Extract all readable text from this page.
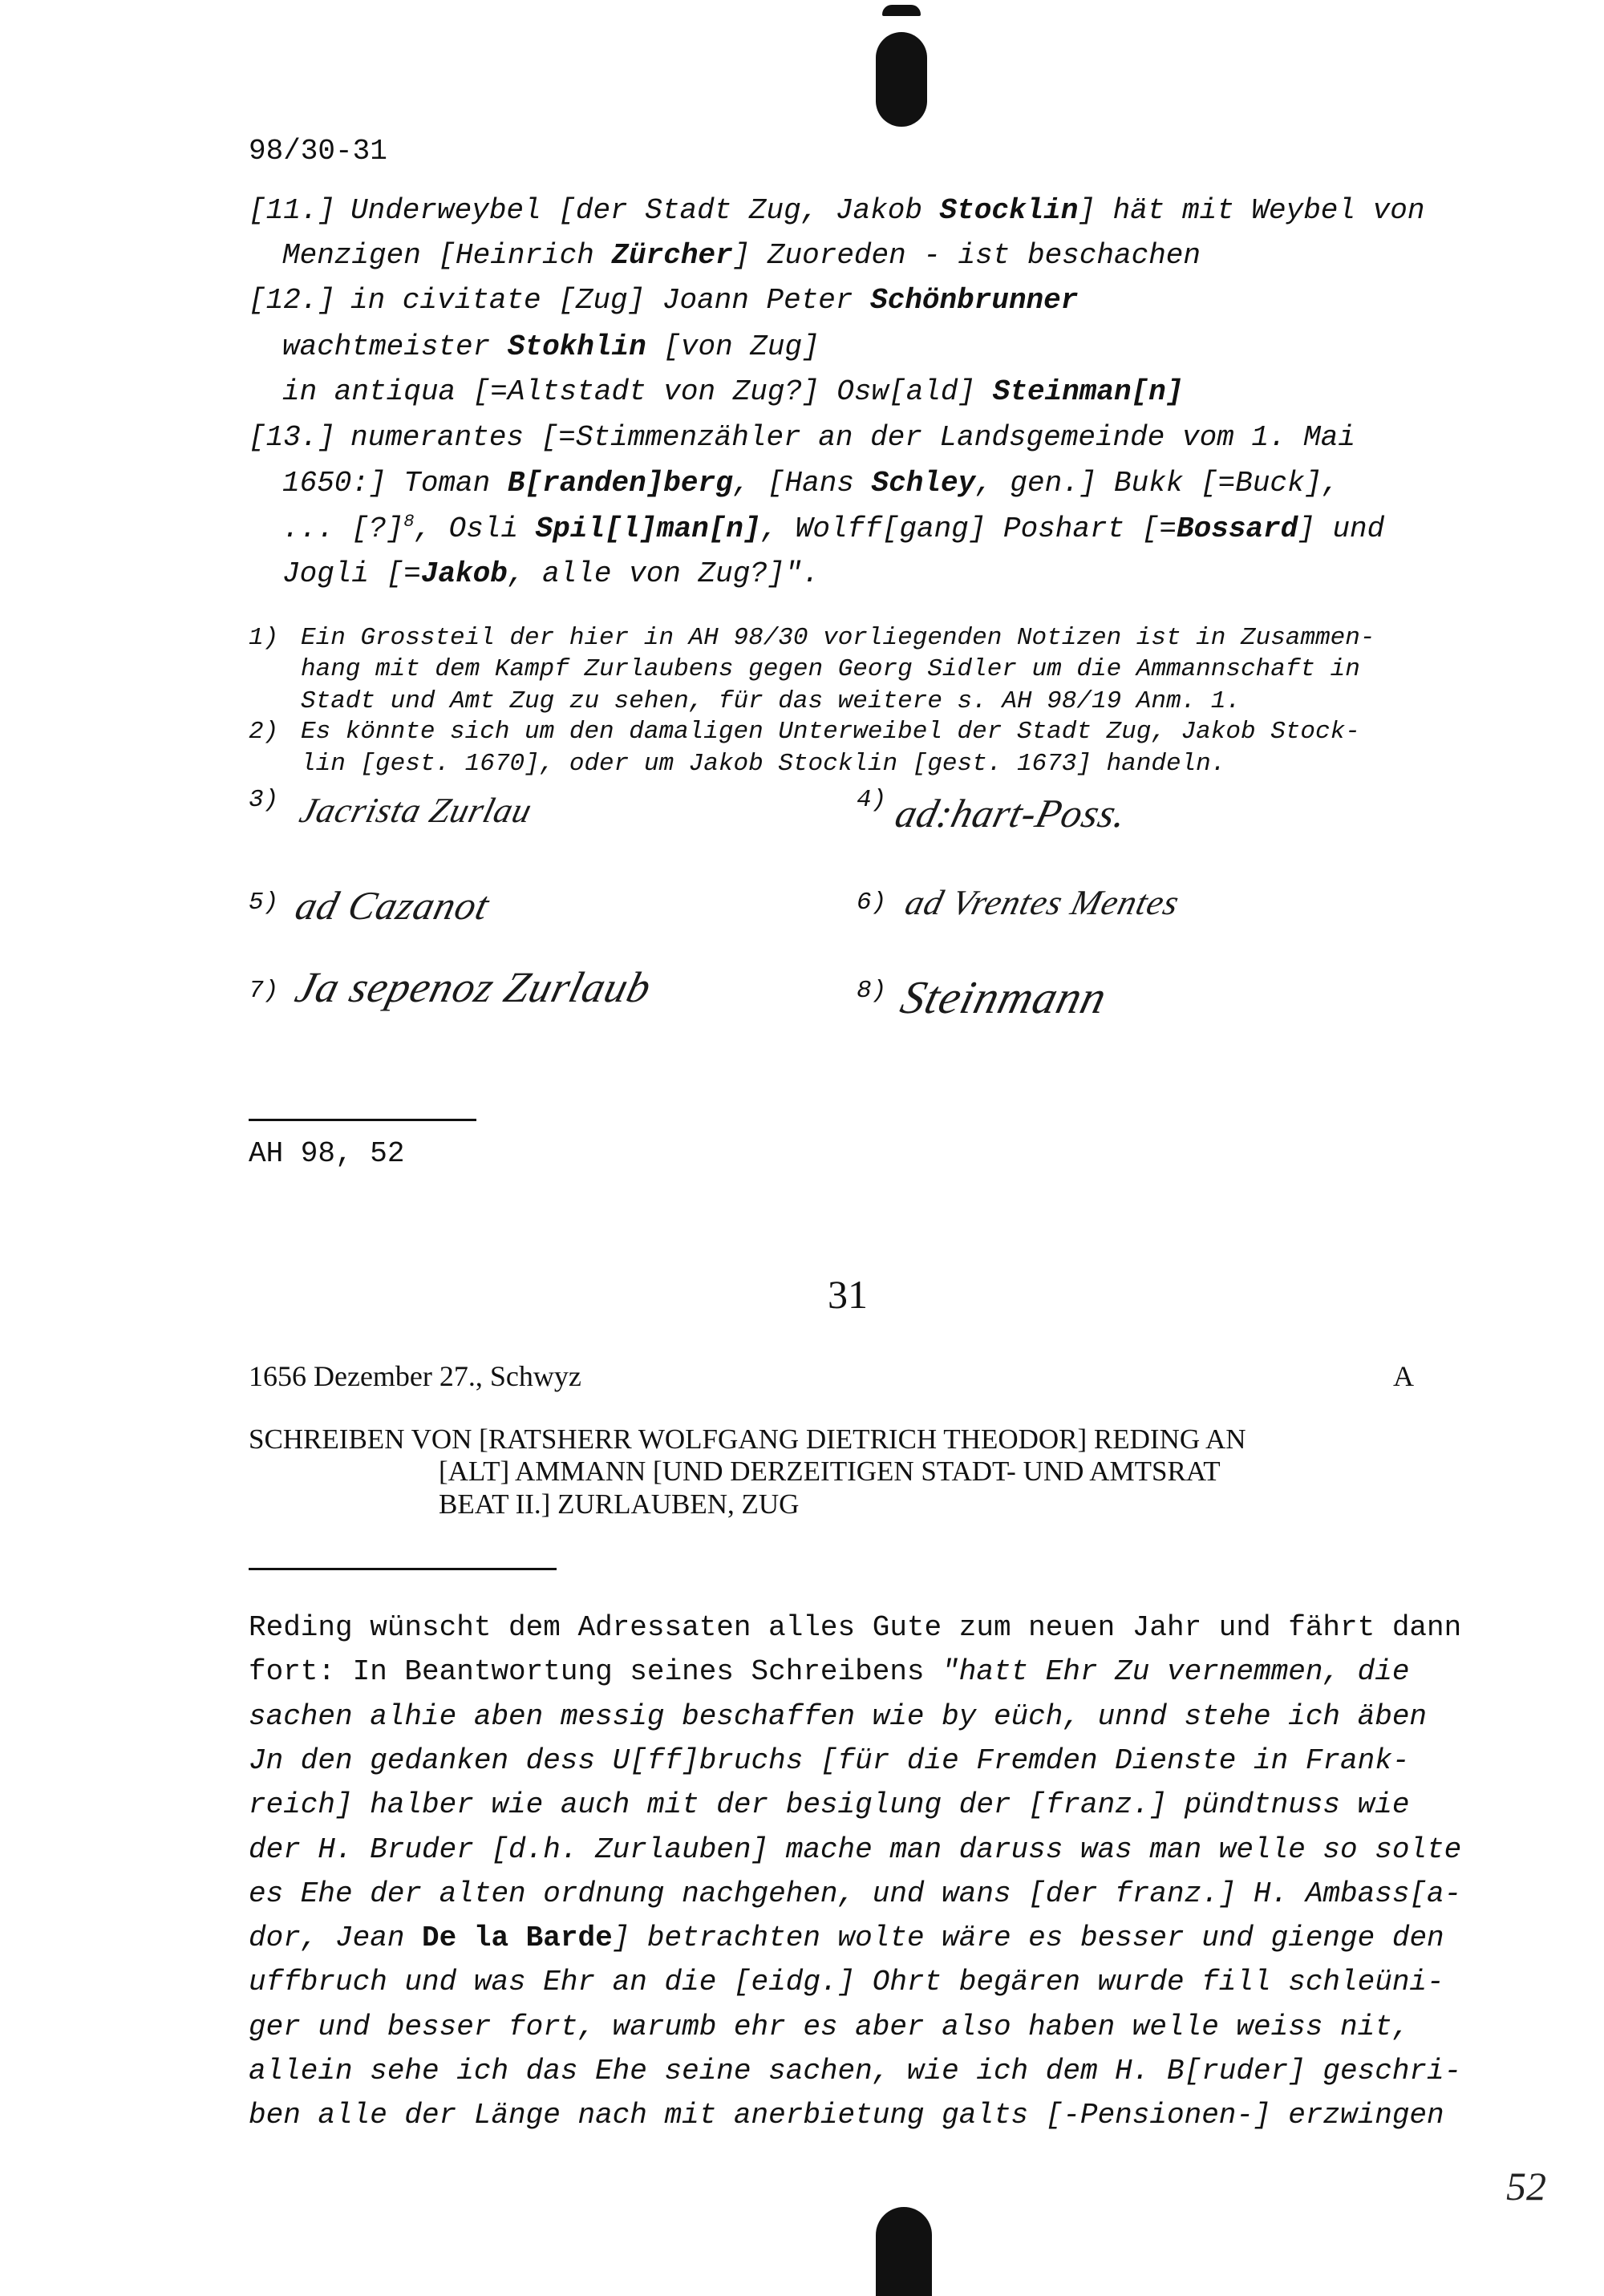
98/30-31
[11.] Underweybel [der Stadt Zug, Jakob Stocklin] hät mit Weybel von
Menzigen [Heinrich Zürcher] Zuoreden - ist beschachen
[12.] in civitate [Zug] Joann Peter Schönbrunner
wachtmeister Stokhlin [von Zug]
in antiqua [=Altstadt von Zug?] Osw[ald] Steinman[n]
[13.] numerantes [=Stimmenzähler an der Landsgemeinde vom 1. Mai
1650:] Toman B[randen]berg, [Hans Schley, gen.] Bukk [=Buck],
... [?]$^8$, Osli Spil[l]man[n], Wolff[gang] Poshart [=Bossard] und
Jogli [=Jakob, alle von Zug?]".
1) Ein Grossteil der hier in AH 98/30 vorliegenden Notizen ist in Zusammen-
hang mit dem Kampf Zurlaubens gegen Georg Sidler um die Ammannschaft in
Stadt und Amt Zug zu sehen, für das weitere s. AH 98/19 Anm. 1.
2) Es könnte sich um den damaligen Unterweibel der Stadt Zug, Jakob Stock-
lin [gest. 1670], oder um Jakob Stocklin [gest. 1673] handeln.
3) Jacrista Zurlau	4) ad:hart-Poss.
5) ad Cazanot	6) ad Vrentes Mentes
7) Ja sepenoz Zurlaub	8) Steinmann
AH 98, 52
31
1656 Dezember 27., Schwyz	A
SCHREIBEN VON [RATSHERR WOLFGANG DIETRICH THEODOR] REDING AN
[ALT] AMMANN [UND DERZEITIGEN STADT- UND AMTSRAT
BEAT II.] ZURLAUBEN, ZUG
Reding wünscht dem Adressaten alles Gute zum neuen Jahr und fährt dann
fort: In Beantwortung seines Schreibens "hatt Ehr Zu vernemmen, die
sachen alhie aben messig beschaffen wie by eüch, unnd stehe ich äben
Jn den gedanken dess U[ff]bruchs [für die Fremden Dienste in Frank-
reich] halber wie auch mit der besiglung der [franz.] pündtnuss wie
der H. Bruder [d.h. Zurlauben] mache man daruss was man welle so solte
es Ehe der alten ordnung nachgehen, und wans [der franz.] H. Ambass[a-
dor, Jean De la Barde] betrachten wolte wäre es besser und gienge den
uffbruch und was Ehr an die [eidg.] Ohrt begären wurde fill schleüni-
ger und besser fort, warumb ehr es aber also haben welle weiss nit,
allein sehe ich das Ehe seine sachen, wie ich dem H. B[ruder] geschri-
ben alle der Länge nach mit anerbietung galts [-Pensionen-] erzwingen
52
